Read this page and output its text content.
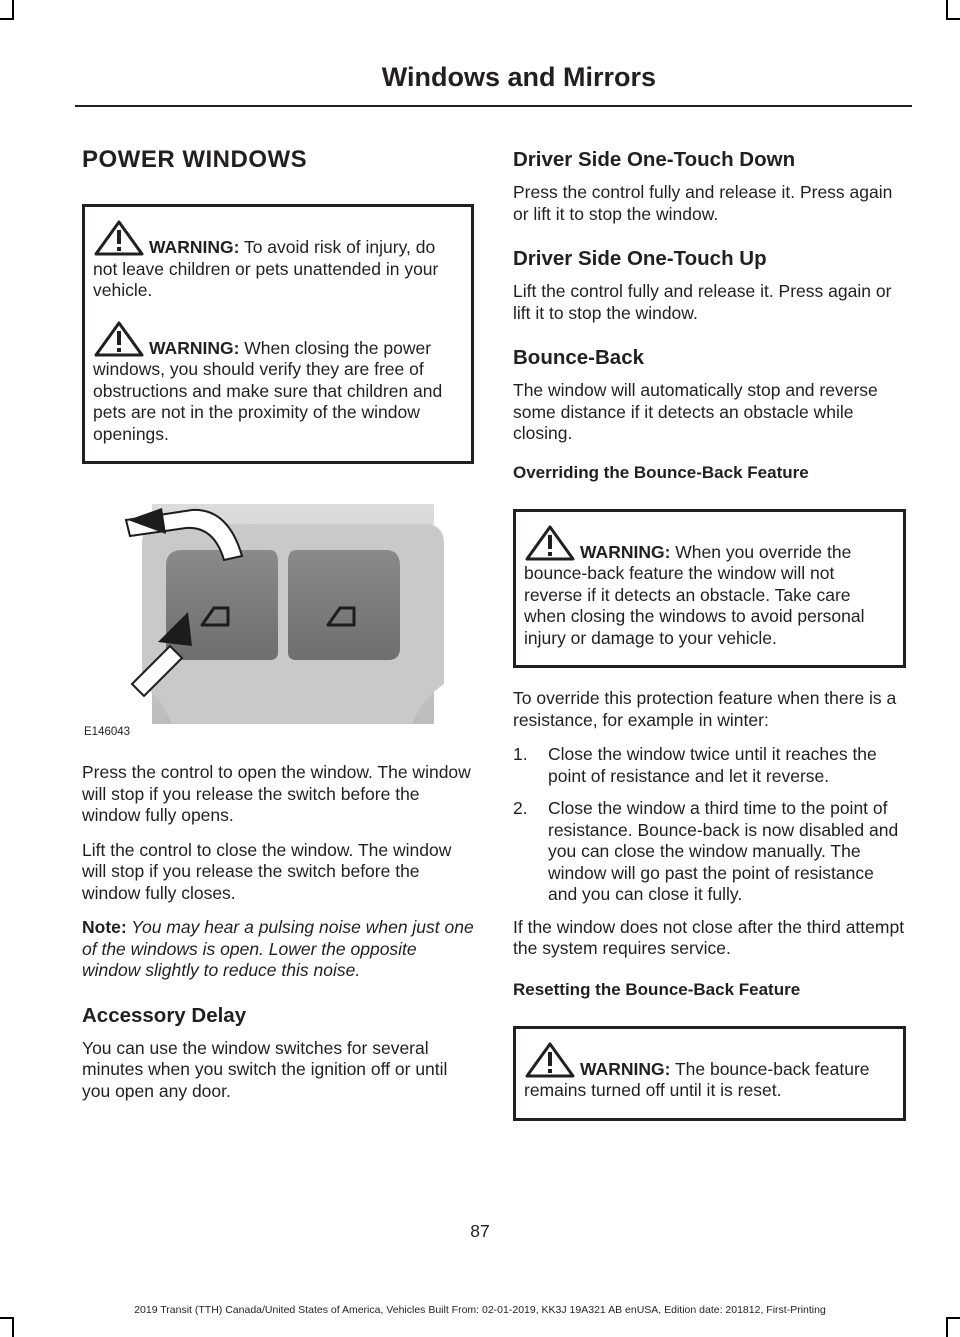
Windows and Mirrors
POWER WINDOWS

WARNING: To avoid risk of injury, do not leave children or pets unattended in your vehicle.

WARNING: When closing the power windows, you should verify they are free of obstructions and make sure that children and pets are not in the proximity of the window openings.

E146043

Press the control to open the window. The window will stop if you release the switch before the window fully opens.

Lift the control to close the window. The window will stop if you release the switch before the window fully closes.

Note: You may hear a pulsing noise when just one of the windows is open. Lower the opposite window slightly to reduce this noise.

Accessory Delay

You can use the window switches for several minutes when you switch the ignition off or until you open any door.

Driver Side One-Touch Down

Press the control fully and release it. Press again or lift it to stop the window.

Driver Side One-Touch Up

Lift the control fully and release it. Press again or lift it to stop the window.

Bounce-Back

The window will automatically stop and reverse some distance if it detects an obstacle while closing.

Overriding the Bounce-Back Feature

WARNING: When you override the bounce-back feature the window will not reverse if it detects an obstacle. Take care when closing the windows to avoid personal injury or damage to your vehicle.

To override this protection feature when there is a resistance, for example in winter:

1. Close the window twice until it reaches the point of resistance and let it reverse.
2. Close the window a third time to the point of resistance. Bounce-back is now disabled and you can close the window manually. The window will go past the point of resistance and you can close it fully.

If the window does not close after the third attempt the system requires service.

Resetting the Bounce-Back Feature

WARNING: The bounce-back feature remains turned off until it is reset.

87
2019 Transit (TTH) Canada/United States of America, Vehicles Built From: 02-01-2019, KK3J 19A321 AB enUSA, Edition date: 201812, First-Printing
